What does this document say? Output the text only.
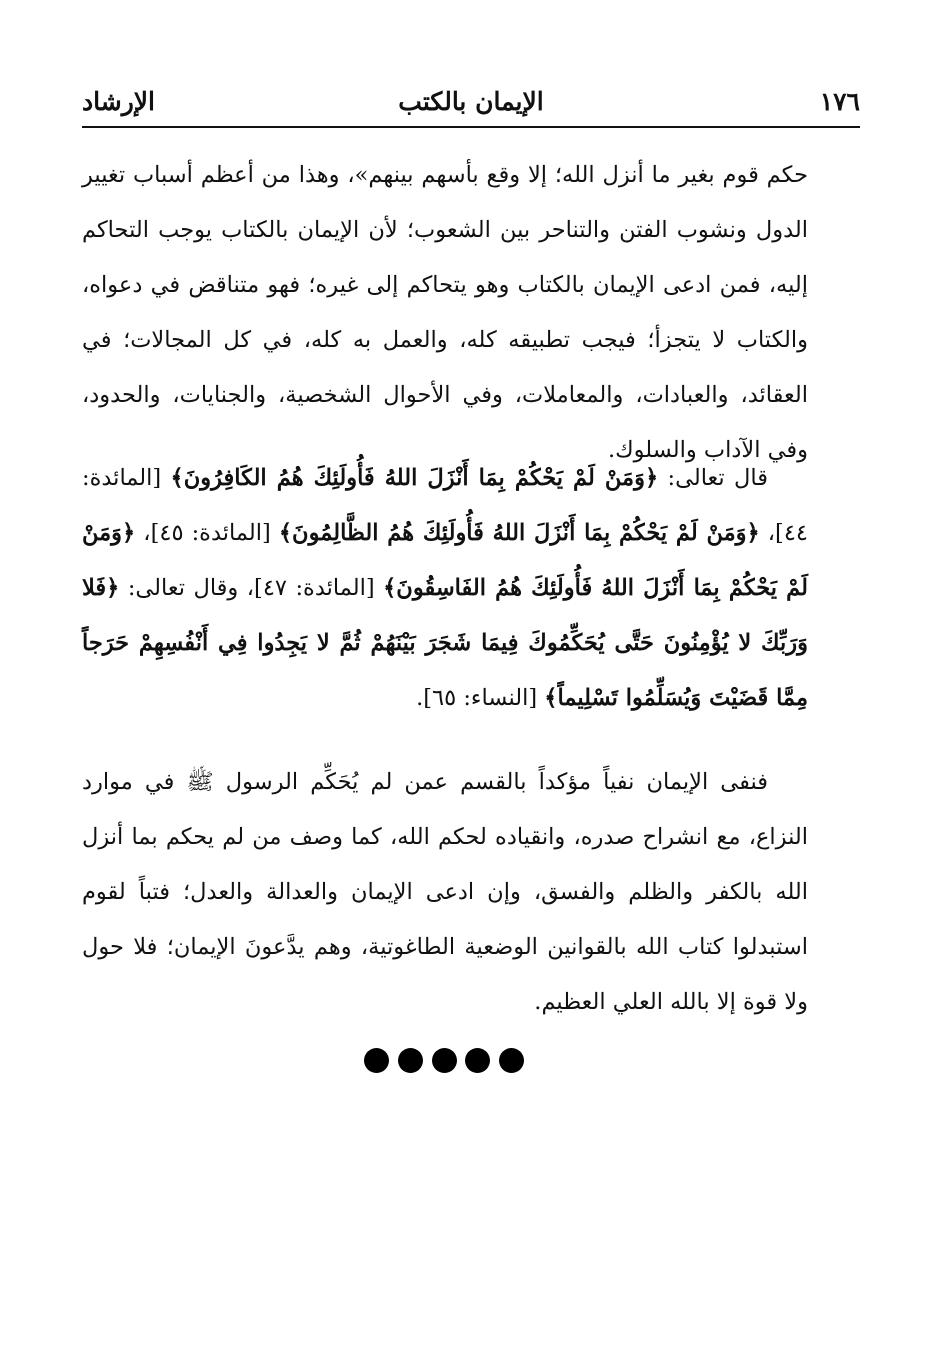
١٧٦
الإيمان بالكتب
الإرشاد

حكم قوم بغير ما أنزل الله؛ إلا وقع بأسهم بينهم»، وهذا من أعظم أسباب تغيير الدول ونشوب الفتن والتناحر بين الشعوب؛ لأن الإيمان بالكتاب يوجب التحاكم إليه، فمن ادعى الإيمان بالكتاب وهو يتحاكم إلى غيره؛ فهو متناقض في دعواه، والكتاب لا يتجزأ؛ فيجب تطبيقه كله، والعمل به كله، في كل المجالات؛ في العقائد، والعبادات، والمعاملات، وفي الأحوال الشخصية، والجنايات، والحدود، وفي الآداب والسلوك.

قال تعالى: ﴿وَمَنْ لَمْ يَحْكُمْ بِمَا أَنْزَلَ اللهُ فَأُولَئِكَ هُمُ الكَافِرُونَ﴾ [المائدة: ٤٤]، ﴿وَمَنْ لَمْ يَحْكُمْ بِمَا أَنْزَلَ اللهُ فَأُولَئِكَ هُمُ الظَّالِمُونَ﴾ [المائدة: ٤٥]، ﴿وَمَنْ لَمْ يَحْكُمْ بِمَا أَنْزَلَ اللهُ فَأُولَئِكَ هُمُ الفَاسِقُونَ﴾ [المائدة: ٤٧]، وقال تعالى: ﴿فَلا وَرَبِّكَ لا يُؤْمِنُونَ حَتَّى يُحَكِّمُوكَ فِيمَا شَجَرَ بَيْنَهُمْ ثُمَّ لا يَجِدُوا فِي أَنْفُسِهِمْ حَرَجاً مِمَّا قَضَيْتَ وَيُسَلِّمُوا تَسْلِيماً﴾ [النساء: ٦٥].

فنفى الإيمان نفياً مؤكداً بالقسم عمن لم يُحَكِّم الرسول ﷺ في موارد النزاع، مع انشراح صدره، وانقياده لحكم الله، كما وصف من لم يحكم بما أنزل الله بالكفر والظلم والفسق، وإن ادعى الإيمان والعدالة والعدل؛ فتباً لقوم استبدلوا كتاب الله بالقوانين الوضعية الطاغوتية، وهم يدَّعونَ الإيمان؛ فلا حول ولا قوة إلا بالله العلي العظيم.
